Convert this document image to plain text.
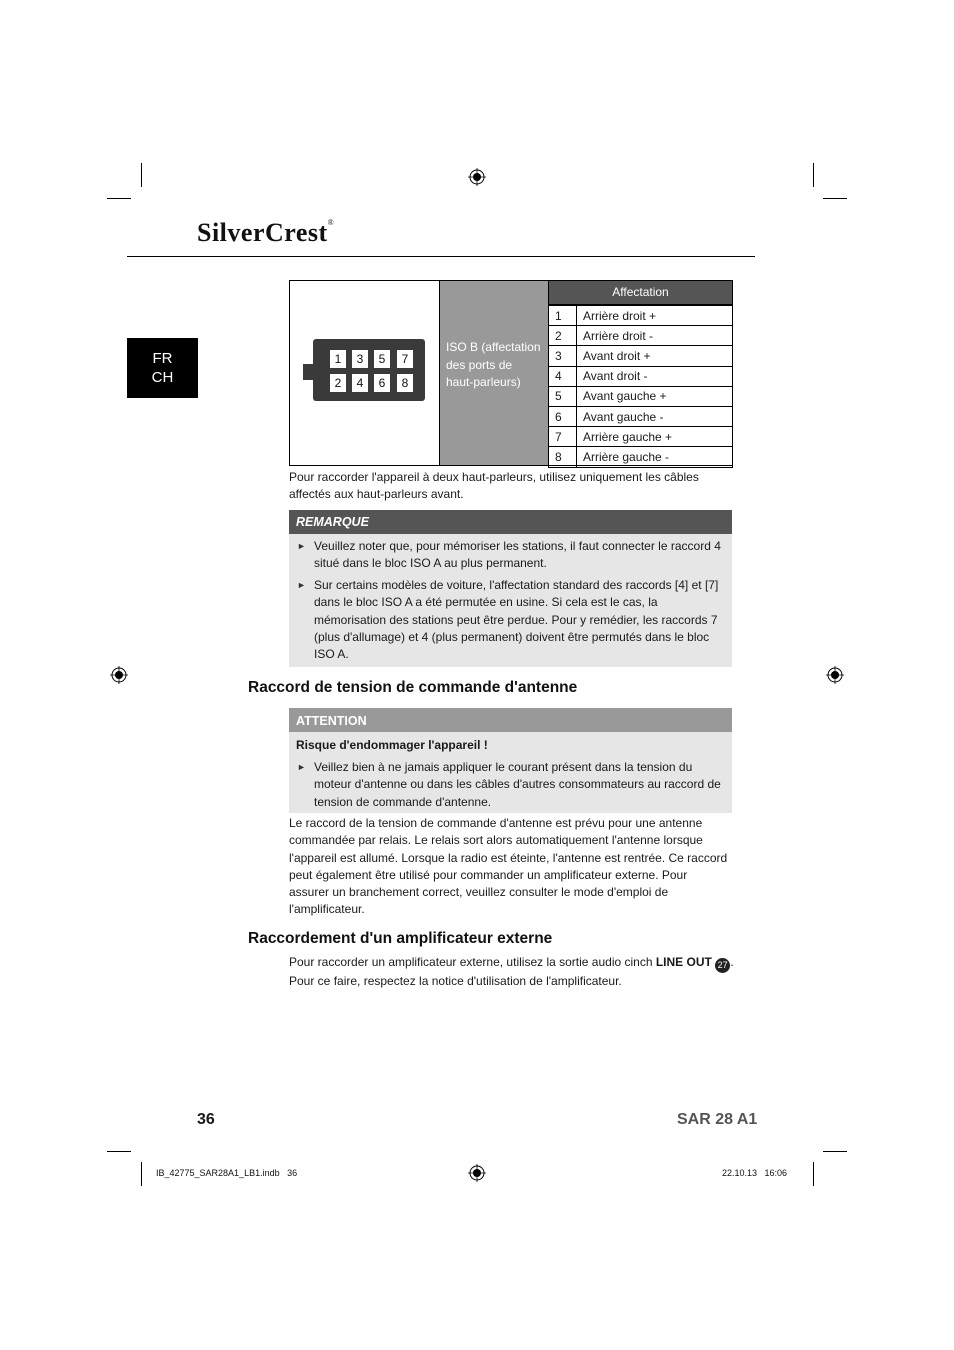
SilverCrest®
FR
CH
1	3	5	7
2	4	6	8
ISO B (affectation des ports de haut-parleurs)
Affectation
1	Arrière droit +
2	Arrière droit -
3	Avant droit +
4	Avant droit -
5	Avant gauche +
6	Avant gauche -
7	Arrière gauche +
8	Arrière gauche -
Pour raccorder l'appareil à deux haut-parleurs, utilisez uniquement les câbles affectés aux haut-parleurs avant.
REMARQUE
► Veuillez noter que, pour mémoriser les stations, il faut connecter le raccord 4 situé dans le bloc ISO A au plus permanent.
► Sur certains modèles de voiture, l'affectation standard des raccords [4] et [7] dans le bloc ISO A a été permutée en usine. Si cela est le cas, la mémorisation des stations peut être perdue. Pour y remédier, les raccords 7 (plus d'allumage) et 4 (plus permanent) doivent être permutés dans le bloc ISO A.
Raccord de tension de commande d'antenne
ATTENTION
Risque d'endommager l'appareil !
► Veillez bien à ne jamais appliquer le courant présent dans la tension du moteur d'antenne ou dans les câbles d'autres consommateurs au raccord de tension de commande d'antenne.
Le raccord de la tension de commande d'antenne est prévu pour une antenne commandée par relais. Le relais sort alors automatiquement l'antenne lorsque l'appareil est allumé. Lorsque la radio est éteinte, l'antenne est rentrée. Ce raccord peut également être utilisé pour commander un amplificateur externe. Pour assurer un branchement correct, veuillez consulter le mode d'emploi de l'amplificateur.
Raccordement d'un amplificateur externe
Pour raccorder un amplificateur externe, utilisez la sortie audio cinch LINE OUT 27 .
Pour ce faire, respectez la notice d'utilisation de l'amplificateur.
36	SAR 28 A1
IB_42775_SAR28A1_LB1.indb   36	22.10.13   16:06
